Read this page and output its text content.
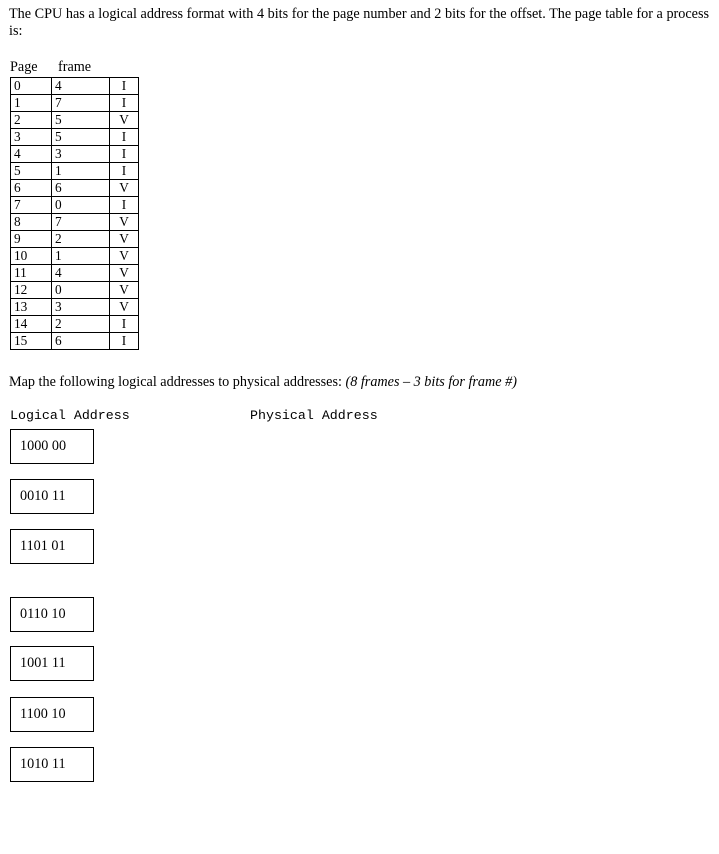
The CPU has a logical address format with 4 bits for the page number and 2 bits for the offset. The page table for a process is:
Page frame
0	4	I
1	7	I
2	5	V
3	5	I
4	3	I
5	1	I
6	6	V
7	0	I
8	7	V
9	2	V
10	1	V
11	4	V
12	0	V
13	3	V
14	2	I
15	6	I
Map the following logical addresses to physical addresses: (8 frames – 3 bits for frame #)
Logical Address	Physical Address
1000 00
0010 11
1101 01
0110 10
1001 11
1100 10
1010 11
